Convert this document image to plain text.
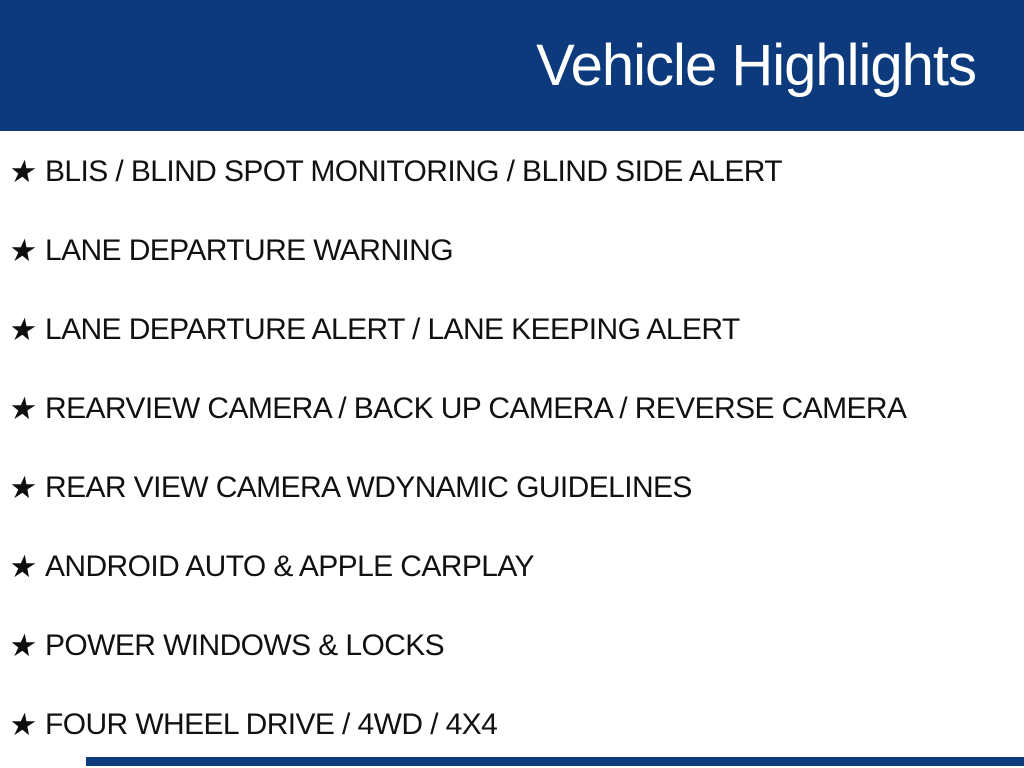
Vehicle Highlights
★ BLIS / BLIND SPOT MONITORING / BLIND SIDE ALERT
★ LANE DEPARTURE WARNING
★ LANE DEPARTURE ALERT / LANE KEEPING ALERT
★ REARVIEW CAMERA / BACK UP CAMERA / REVERSE CAMERA
★ REAR VIEW CAMERA WDYNAMIC GUIDELINES
★ ANDROID AUTO & APPLE CARPLAY
★ POWER WINDOWS & LOCKS
★ FOUR WHEEL DRIVE / 4WD / 4X4
